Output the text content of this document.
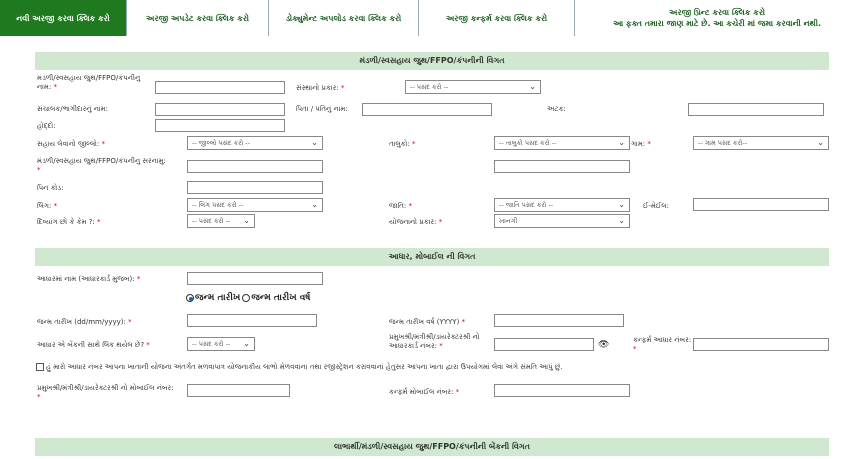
નવી અરજી કરવા ક્લિક કરો	અરજી અપડેટ કરવા ક્લિક કરો	ડોક્યુમેન્ટ અપલોડ કરવા ક્લિક કરો	અરજી કન્ફર્મ કરવા ક્લિક કરો
અરજી પ્રિન્ટ કરવા ક્લિક કરો
આ ફક્ત તમારા જાણ માટે છે. આ કચેરી માં જમા કરવાની નથી.
મંડળી/સ્વસહાય જુથ/FFPO/કંપનીની વિગત
મંડળી/સ્વસહાય જુથ/FFPO/કંપનીનુ
નામ: *	સંસ્થાનો પ્રકાર: *	-- પસંદ કરો --	⌄
સંચાલક/ભાગીદારનું નામ:	પિતા / પતિનું નામ:	અટક:
હોદ્દો:
સહાય લેવાનો જીલ્લો: *	-- જીલ્લો પસંદ કરો --	⌄	તાલુકો: *	-- તાલુકો પસંદ કરો --	⌄ ગામ: *	-- ગામ પસંદ કરો--	⌄
મંડળી/સ્વસહાય જુથ/FFPO/કંપનીનુ સરનામુ:
*
પિન કોડ:
લિંગ: *	-- લિંગ પસંદ કરો --	⌄	જાતિ: *	-- જાતિ પસંદ કરો --	⌄	ઈ-મેઈલ:
દિવ્યાંગ છો કે કેમ ?: *	-- પસંદ કરો -- ⌄	યોજનાનો પ્રકાર: *	ખાનગી	⌄
આધાર, મોબાઈલ ની વિગત
આધારમાં નામ (આધારકાર્ડ મુજબ): *
જન્મ તારીખ જન્મ તારીખ વર્ષ
જન્મ તારીખ (dd/mm/yyyy): *	જન્મ તારીખ વર્ષ (YYYY) *
આધાર એ બેંકની સાથે લિંક થયેલ છે? *	-- પસંદ કરો -- ⌄
પ્રમુખશ્રી/મંત્રીશ્રી/ડાયરેક્ટરશ્રી નો
આધારકાર્ડ નંબર: *	👁	કન્ફર્મ આધાર નંબર:
*
હું મારો આધાર નંબર આપના ખાતાની યોજના અંતર્ગત મળવાપાત્ર યોજનાકીય લાભો મેળવવાના તથા રજીસ્ટ્રેશન કરાવવાનાં હેતુસર આપના ખાતા દ્વારા ઉપયોગમાં લેવા અંગે સંમતિ આપું છું.
પ્રમુખશ્રી/મંત્રીશ્રી/ડાયરેક્ટરશ્રી નો મોબાઈલ નંબર:
*
કન્ફર્મ મોબાઈલ નંબર: *
લાભાર્થી/મંડળી/સ્વસહાય જુથ/FFPO/કંપનીની બેંકની વિગત
